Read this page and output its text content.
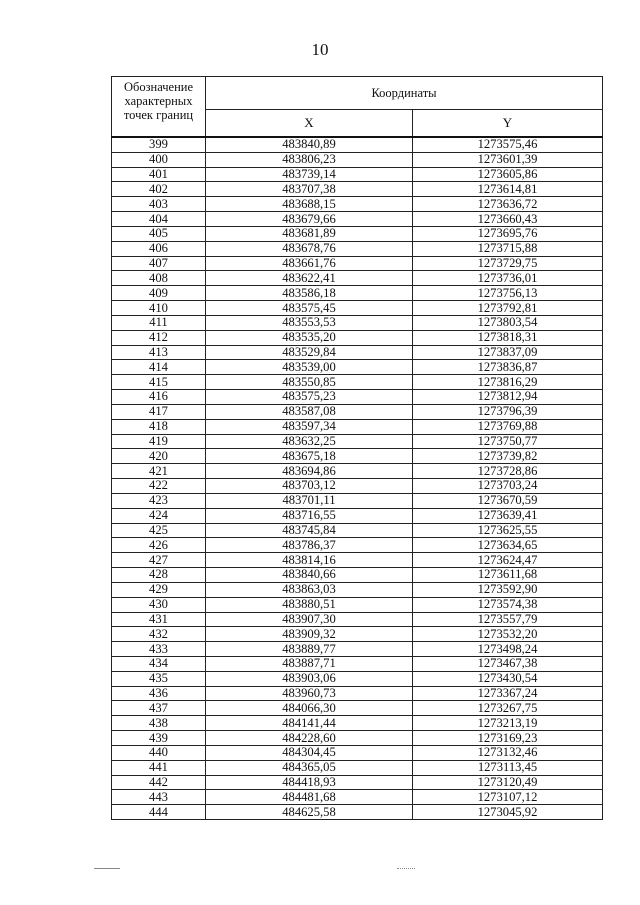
10
Обозначение характерных точек границ	Координаты	
	X	Y
399	483840,89	1273575,46
400	483806,23	1273601,39
401	483739,14	1273605,86
402	483707,38	1273614,81
403	483688,15	1273636,72
404	483679,66	1273660,43
405	483681,89	1273695,76
406	483678,76	1273715,88
407	483661,76	1273729,75
408	483622,41	1273736,01
409	483586,18	1273756,13
410	483575,45	1273792,81
411	483553,53	1273803,54
412	483535,20	1273818,31
413	483529,84	1273837,09
414	483539,00	1273836,87
415	483550,85	1273816,29
416	483575,23	1273812,94
417	483587,08	1273796,39
418	483597,34	1273769,88
419	483632,25	1273750,77
420	483675,18	1273739,82
421	483694,86	1273728,86
422	483703,12	1273703,24
423	483701,11	1273670,59
424	483716,55	1273639,41
425	483745,84	1273625,55
426	483786,37	1273634,65
427	483814,16	1273624,47
428	483840,66	1273611,68
429	483863,03	1273592,90
430	483880,51	1273574,38
431	483907,30	1273557,79
432	483909,32	1273532,20
433	483889,77	1273498,24
434	483887,71	1273467,38
435	483903,06	1273430,54
436	483960,73	1273367,24
437	484066,30	1273267,75
438	484141,44	1273213,19
439	484228,60	1273169,23
440	484304,45	1273132,46
441	484365,05	1273113,45
442	484418,93	1273120,49
443	484481,68	1273107,12
444	484625,58	1273045,92
